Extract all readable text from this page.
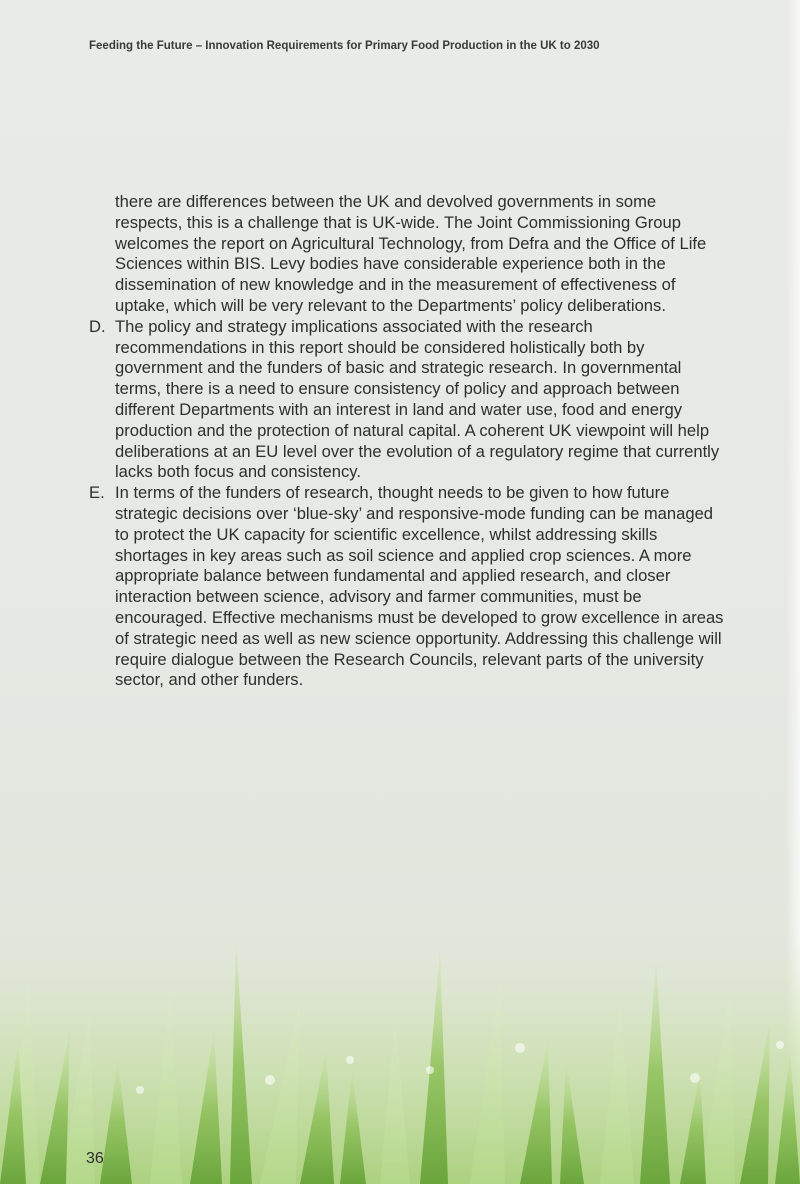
Feeding the Future – Innovation Requirements for Primary Food Production in the UK to 2030

there are differences between the UK and devolved governments in some respects, this is a challenge that is UK-wide. The Joint Commissioning Group welcomes the report on Agricultural Technology, from Defra and the Office of Life Sciences within BIS. Levy bodies have considerable experience both in the dissemination of new knowledge and in the measurement of effectiveness of uptake, which will be very relevant to the Departments’ policy deliberations.

D. The policy and strategy implications associated with the research recommendations in this report should be considered holistically both by government and the funders of basic and strategic research. In governmental terms, there is a need to ensure consistency of policy and approach between different Departments with an interest in land and water use, food and energy production and the protection of natural capital. A coherent UK viewpoint will help deliberations at an EU level over the evolution of a regulatory regime that currently lacks both focus and consistency.

E. In terms of the funders of research, thought needs to be given to how future strategic decisions over ‘blue-sky’ and responsive-mode funding can be managed to protect the UK capacity for scientific excellence, whilst addressing skills shortages in key areas such as soil science and applied crop sciences. A more appropriate balance between fundamental and applied research, and closer interaction between science, advisory and farmer communities, must be encouraged. Effective mechanisms must be developed to grow excellence in areas of strategic need as well as new science opportunity. Addressing this challenge will require dialogue between the Research Councils, relevant parts of the university sector, and other funders.

36
